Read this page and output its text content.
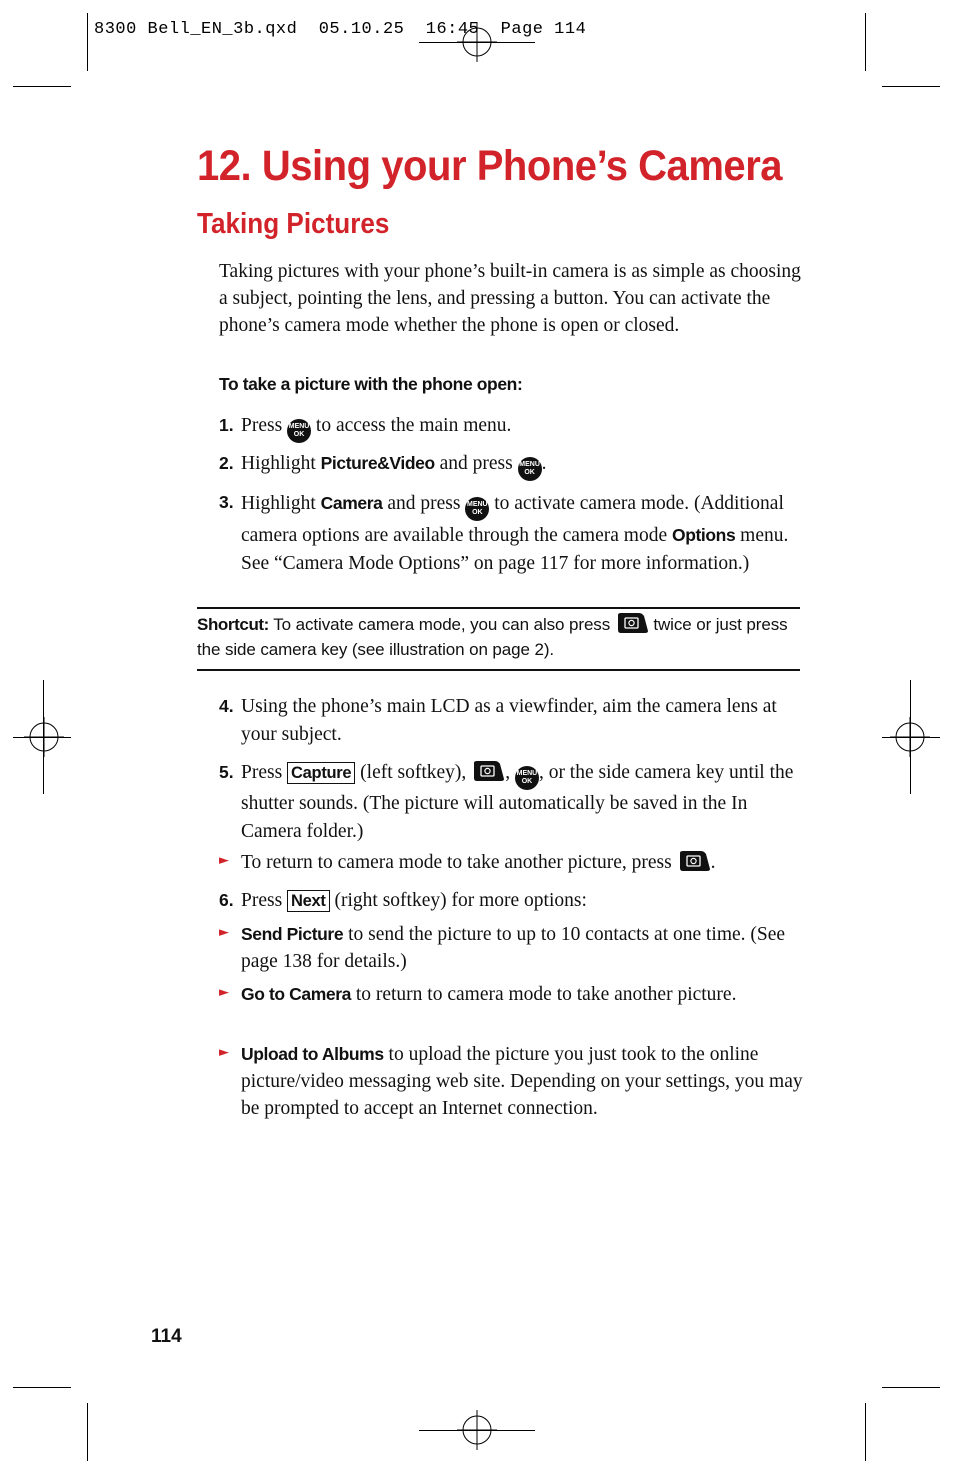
8300 Bell_EN_3b.qxd  05.10.25  16:45  Page 114
12. Using your Phone’s Camera
Taking Pictures
Taking pictures with your phone’s built-in camera is as simple as choosing a subject, pointing the lens, and pressing a button. You can activate the phone’s camera mode whether the phone is open or closed.
To take a picture with the phone open:
1. Press MENU
OK to access the main menu.
2. Highlight Picture&Video and press MENU
OK .
3. Highlight Camera and press MENU
OK to activate camera mode. (Additional camera options are available through the camera mode Options menu. See “Camera Mode Options” on page 117 for more information.)
Shortcut: To activate camera mode, you can also press	twice or just press the side camera key (see illustration on page 2).
4. Using the phone’s main LCD as a viewfinder, aim the camera lens at your subject.
5. Press Capture (left softkey), , MENU
OK , or the side camera key until the shutter sounds. (The picture will automatically be saved in the In Camera folder.)
► To return to camera mode to take another picture, press .
6. Press Next (right softkey) for more options:
► Send Picture to send the picture to up to 10 contacts at one time. (See page 138 for details.)
► Go to Camera to return to camera mode to take another picture.
► Upload to Albums to upload the picture you just took to the online picture/video messaging web site. Depending on your settings, you may be prompted to accept an Internet connection.
114
